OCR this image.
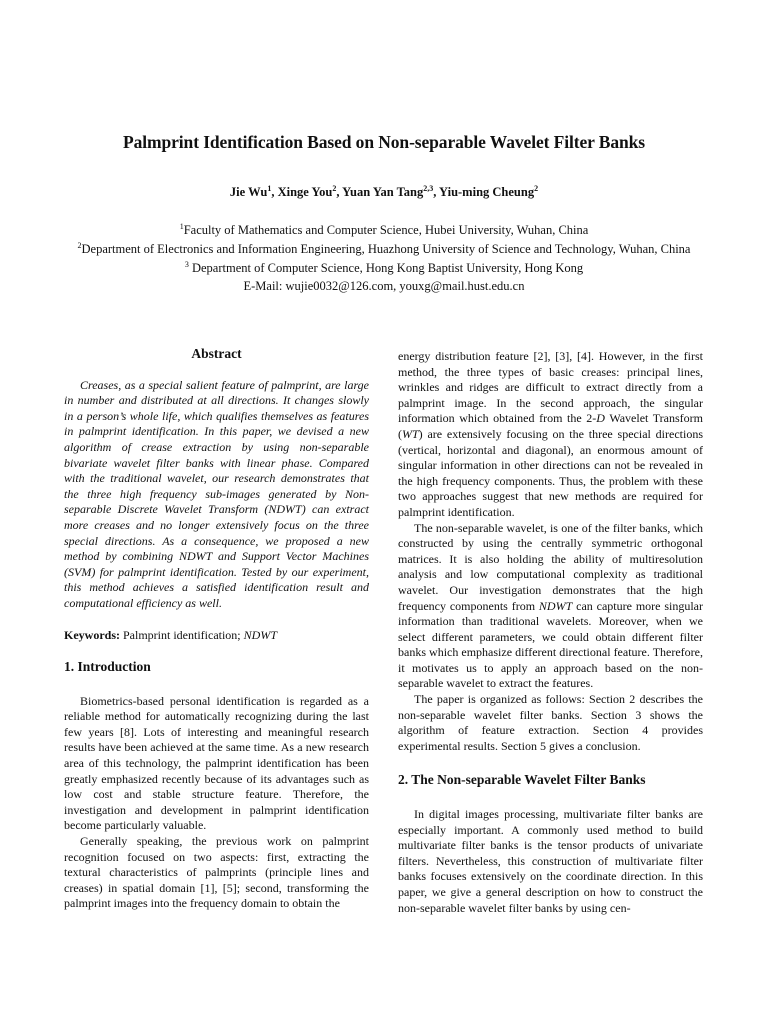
Palmprint Identification Based on Non-separable Wavelet Filter Banks
Jie Wu$^1$, Xinge You$^2$, Yuan Yan Tang$^{2,3}$, Yiu-ming Cheung$^2$
$^1$Faculty of Mathematics and Computer Science, Hubei University, Wuhan, China
$^2$Department of Electronics and Information Engineering, Huazhong University of Science and Technology, Wuhan, China
$^3$ Department of Computer Science, Hong Kong Baptist University, Hong Kong
E-Mail: wujie0032@126.com, youxg@mail.hust.edu.cn
Abstract

Creases, as a special salient feature of palmprint, are large in number and distributed at all directions. It changes slowly in a person’s whole life, which qualifies themselves as features in palmprint identification. In this paper, we devised a new algorithm of crease extraction by using non-separable bivariate wavelet filter banks with linear phase. Compared with the traditional wavelet, our research demonstrates that the three high frequency sub-images generated by Non-separable Discrete Wavelet Transform (NDWT) can extract more creases and no longer extensively focus on the three special directions. As a consequence, we proposed a new method by combining NDWT and Support Vector Machines (SVM) for palmprint identification. Tested by our experiment, this method achieves a satisfied identification result and computational efficiency as well.

Keywords: Palmprint identification; NDWT

1. Introduction

Biometrics-based personal identification is regarded as a reliable method for automatically recognizing during the last few years [8]. Lots of interesting and meaningful research results have been achieved at the same time. As a new research area of this technology, the palmprint identification has been greatly emphasized recently because of its advantages such as low cost and stable structure feature. Therefore, the investigation and development in palmprint identification become particularly valuable.

Generally speaking, the previous work on palmprint recognition focused on two aspects: first, extracting the textural characteristics of palmprints (principle lines and creases) in spatial domain [1], [5]; second, transforming the palmprint images into the frequency domain to obtain the

energy distribution feature [2], [3], [4]. However, in the first method, the three types of basic creases: principal lines, wrinkles and ridges are difficult to extract directly from a palmprint image. In the second approach, the singular information which obtained from the 2-D Wavelet Transform (WT) are extensively focusing on the three special directions (vertical, horizontal and diagonal), an enormous amount of singular information in other directions can not be revealed in the high frequency components. Thus, the problem with these two approaches suggest that new methods are required for palmprint identification.

The non-separable wavelet, is one of the filter banks, which constructed by using the centrally symmetric orthogonal matrices. It is also holding the ability of multiresolution analysis and low computational complexity as traditional wavelet. Our investigation demonstrates that the high frequency components from NDWT can capture more singular information than traditional wavelets. Moreover, when we select different parameters, we could obtain different filter banks which emphasize different directional feature. Therefore, it motivates us to apply an approach based on the non-separable wavelet to extract the features.

The paper is organized as follows: Section 2 describes the non-separable wavelet filter banks. Section 3 shows the algorithm of feature extraction. Section 4 provides experimental results. Section 5 gives a conclusion.

2. The Non-separable Wavelet Filter Banks

In digital images processing, multivariate filter banks are especially important. A commonly used method to build multivariate filter banks is the tensor products of univariate filters. Nevertheless, this construction of multivariate filter banks focuses extensively on the coordinate direction. In this paper, we give a general description on how to construct the non-separable wavelet filter banks by using cen-
